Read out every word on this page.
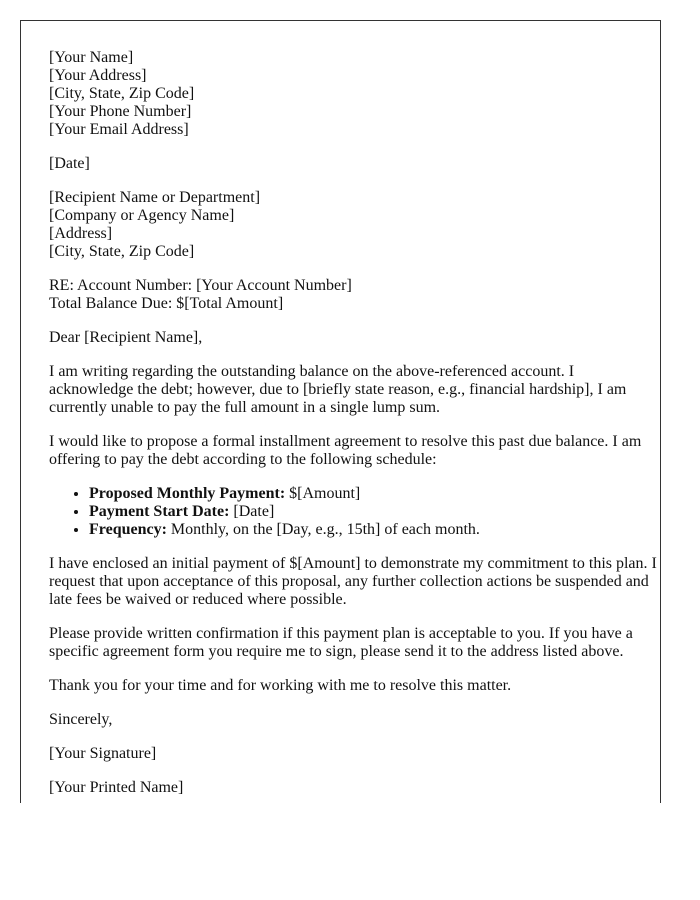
[Your Name]
[Your Address]
[City, State, Zip Code]
[Your Phone Number]
[Your Email Address]

[Date]

[Recipient Name or Department]
[Company or Agency Name]
[Address]
[City, State, Zip Code]

RE: Account Number: [Your Account Number]
Total Balance Due: $[Total Amount]

Dear [Recipient Name],

I am writing regarding the outstanding balance on the above-referenced account. I acknowledge the debt; however, due to [briefly state reason, e.g., financial hardship], I am currently unable to pay the full amount in a single lump sum.

I would like to propose a formal installment agreement to resolve this past due balance. I am offering to pay the debt according to the following schedule:

• Proposed Monthly Payment: $[Amount]
• Payment Start Date: [Date]
• Frequency: Monthly, on the [Day, e.g., 15th] of each month.

I have enclosed an initial payment of $[Amount] to demonstrate my commitment to this plan. I request that upon acceptance of this proposal, any further collection actions be suspended and late fees be waived or reduced where possible.

Please provide written confirmation if this payment plan is acceptable to you. If you have a specific agreement form you require me to sign, please send it to the address listed above.

Thank you for your time and for working with me to resolve this matter.

Sincerely,

[Your Signature]

[Your Printed Name]
